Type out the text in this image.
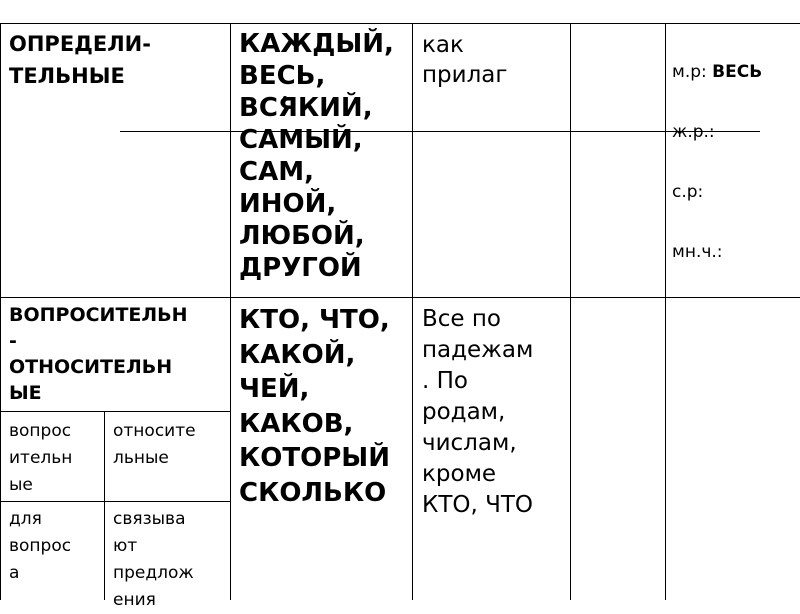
ОПРЕДЕЛИ-
ТЕЛЬНЫЕ

КАЖДЫЙ,
ВЕСЬ,
ВСЯКИЙ,
САМЫЙ,
САМ,
ИНОЙ,
ЛЮБОЙ,
ДРУГОЙ

как
прилаг	м.р: ВЕСЬ

ж.р.:

с.р:

мн.ч.:

ВОПРОСИТЕЛЬН
-
ОТНОСИТЕЛЬН
ЫЕ

вопрос
ительн
ые

относите
льные

для
вопрос
а

связыва
ют
предлож
ения

КТО, ЧТО,
КАКОЙ,
ЧЕЙ,
КАКОВ,
КОТОРЫЙ
СКОЛЬКО

Все по
падежам
. По
родам,
числам,
кроме
КТО, ЧТО
